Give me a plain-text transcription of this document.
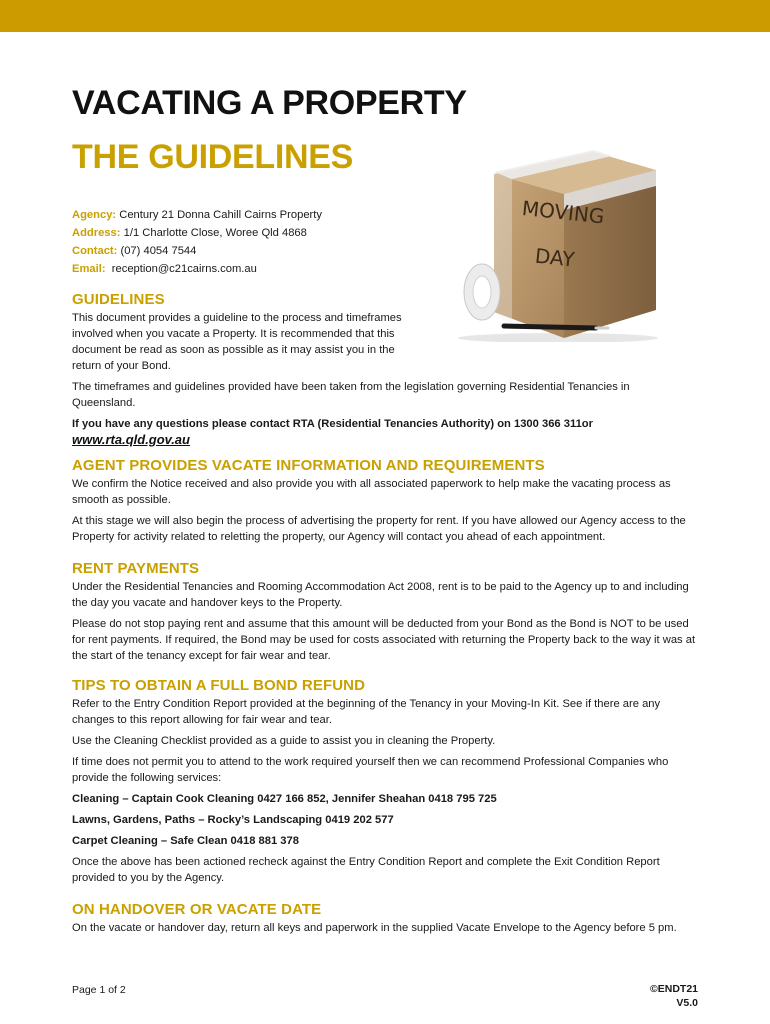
VACATING A PROPERTY
THE GUIDELINES
Agency: Century 21 Donna Cahill Cairns Property
Address: 1/1 Charlotte Close, Woree Qld 4868
Contact: (07) 4054 7544
Email: reception@c21cairns.com.au
MOVING
DAY
GUIDELINES

This document provides a guideline to the process and timeframes
involved when you vacate a Property. It is recommended that this
document be read as soon as possible as it may assist you in the
return of your Bond.

The timeframes and guidelines provided have been taken from the legislation governing Residential Tenancies in Queensland.

If you have any questions please contact RTA (Residential Tenancies Authority) on 1300 366 311or

www.rta.qld.gov.au
AGENT PROVIDES VACATE INFORMATION AND REQUIREMENTS

We confirm the Notice received and also provide you with all associated paperwork to help make the vacating process as smooth as possible.

At this stage we will also begin the process of advertising the property for rent. If you have allowed our Agency access to the Property for activity related to reletting the property, our Agency will contact you ahead of each appointment.

RENT PAYMENTS

Under the Residential Tenancies and Rooming Accommodation Act 2008, rent is to be paid to the Agency up to and including the day you vacate and handover keys to the Property.

Please do not stop paying rent and assume that this amount will be deducted from your Bond as the Bond is NOT to be used for rent payments. If required, the Bond may be used for costs associated with returning the Property back to the way it was at the start of the tenancy except for fair wear and tear.

TIPS TO OBTAIN A FULL BOND REFUND

Refer to the Entry Condition Report provided at the beginning of the Tenancy in your Moving-In Kit. See if there are any changes to this report allowing for fair wear and tear.

Use the Cleaning Checklist provided as a guide to assist you in cleaning the Property.

If time does not permit you to attend to the work required yourself then we can recommend Professional Companies who provide the following services:

Cleaning – Captain Cook Cleaning 0427 166 852, Jennifer Sheahan 0418 795 725

Lawns, Gardens, Paths – Rocky’s Landscaping 0419 202 577

Carpet Cleaning – Safe Clean 0418 881 378

Once the above has been actioned recheck against the Entry Condition Report and complete the Exit Condition Report provided to you by the Agency.

ON HANDOVER OR VACATE DATE

On the vacate or handover day, return all keys and paperwork in the supplied Vacate Envelope to the Agency before 5 pm.

Page 1 of 2	©ENDT21
V5.0
